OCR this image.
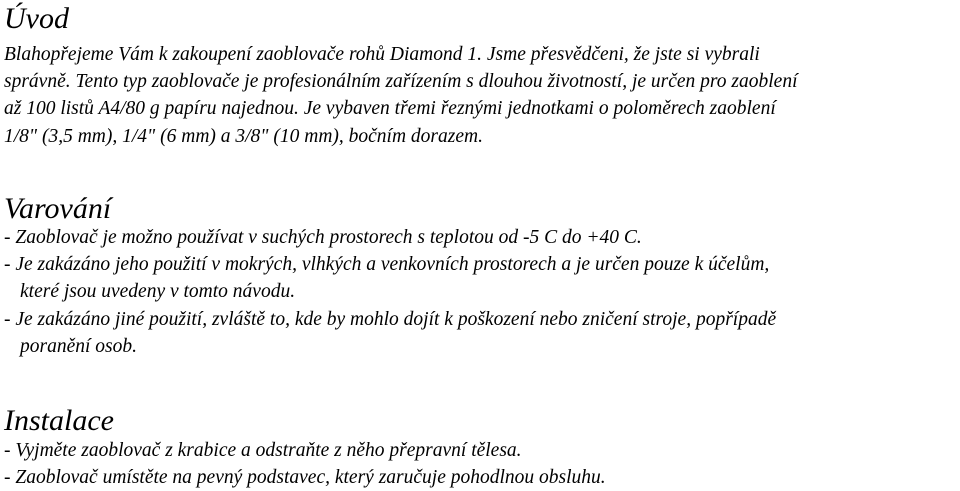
Úvod
Blahopřejeme Vám k zakoupení zaoblovače rohů Diamond 1. Jsme přesvědčeni, že jste si vybrali
správně. Tento typ zaoblovače je profesionálním zařízením s dlouhou životností, je určen pro zaoblení
až 100 listů A4/80 g papíru najednou. Je vybaven třemi řeznými jednotkami o poloměrech zaoblení
1/8" (3,5 mm), 1/4" (6 mm) a 3/8" (10 mm), bočním dorazem.
Varování
- Zaoblovač je možno používat v suchých prostorech s teplotou od -5 C do +40 C.
- Je zakázáno jeho použití v mokrých, vlhkých a venkovních prostorech a je určen pouze k účelům,
které jsou uvedeny v tomto návodu.
- Je zakázáno jiné použití, zvláště to, kde by mohlo dojít k poškození nebo zničení stroje, popřípadě
poranění osob.
Instalace
- Vyjměte zaoblovač z krabice a odstraňte z něho přepravní tělesa.
- Zaoblovač umístěte na pevný podstavec, který zaručuje pohodlnou obsluhu.
